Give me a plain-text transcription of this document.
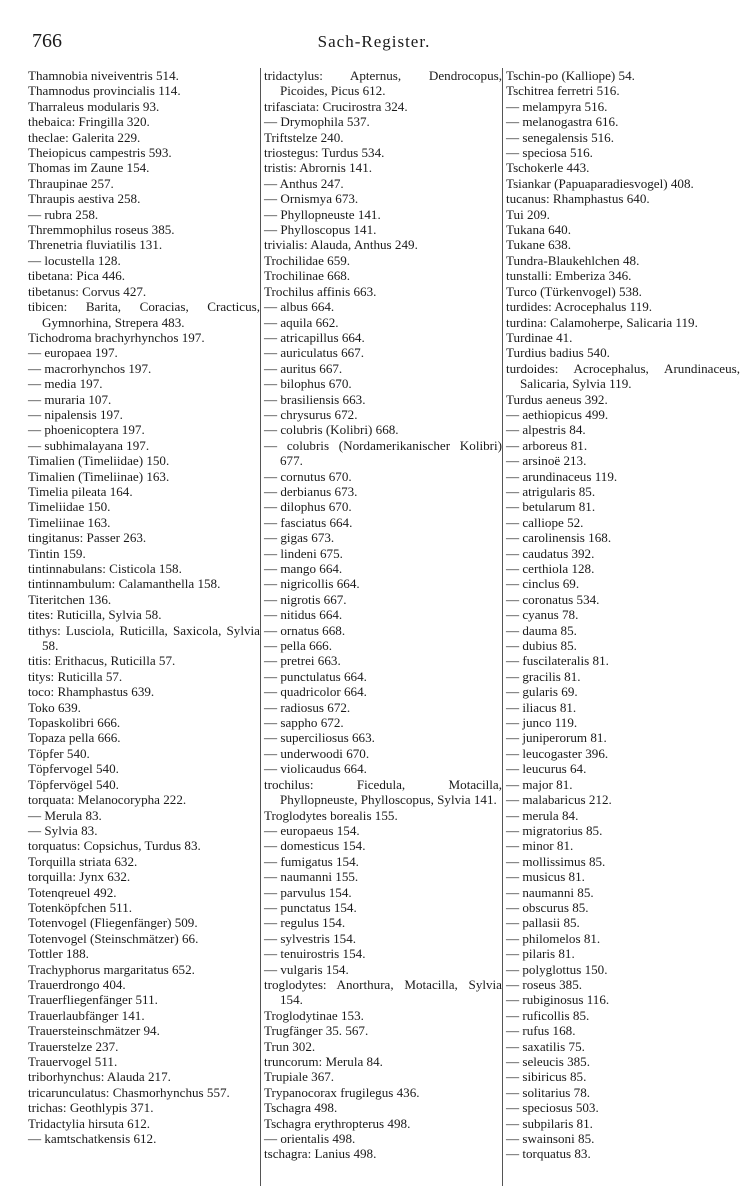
766	Sach-Register.
Thamnobia niveiventris 514.
Thamnodus provincialis 114.
Tharraleus modularis 93.
thebaica: Fringilla 320.
theclae: Galerita 229.
Theiopicus campestris 593.
Thomas im Zaune 154.
Thraupinae 257.
Thraupis aestiva 258.
— rubra 258.
Thremmophilus roseus 385.
Threnetria fluviatilis 131.
— locustella 128.
tibetana: Pica 446.
tibetanus: Corvus 427.
tibicen: Barita, Coracias, Cracticus, Gymnorhina, Strepera 483.
Tichodroma brachyrhynchos 197.
— europaea 197.
— macrorhynchos 197.
— media 197.
— muraria 107.
— nipalensis 197.
— phoenicoptera 197.
— subhimalayana 197.
Timalien (Timeliidae) 150.
Timalien (Timeliinae) 163.
Timelia pileata 164.
Timeliidae 150.
Timeliinae 163.
tingitanus: Passer 263.
Tintin 159.
tintinnabulans: Cisticola 158.
tintinnambulum: Calamanthella 158.
Titeritchen 136.
tites: Ruticilla, Sylvia 58.
tithys: Lusciola, Ruticilla, Saxicola, Sylvia 58.
titis: Erithacus, Ruticilla 57.
titys: Ruticilla 57.
toco: Rhamphastus 639.
Toko 639.
Topaskolibri 666.
Topaza pella 666.
Töpfer 540.
Töpfervogel 540.
Töpfervögel 540.
torquata: Melanocorypha 222.
— Merula 83.
— Sylvia 83.
torquatus: Copsichus, Turdus 83.
Torquilla striata 632.
torquilla: Jynx 632.
Totenqreuel 492.
Totenköpfchen 511.
Totenvogel (Fliegenfänger) 509.
Totenvogel (Steinschmätzer) 66.
Tottler 188.
Trachyphorus margaritatus 652.
Trauerdrongo 404.
Trauerfliegenfänger 511.
Trauerlaubfänger 141.
Trauersteinschmätzer 94.
Trauerstelze 237.
Trauervogel 511.
triborhynchus: Alauda 217.
tricarunculatus: Chasmorhynchus 557.
trichas: Geothlypis 371.
Tridactylia hirsuta 612.
— kamtschatkensis 612.
tridactylus: Apternus, Dendrocopus, Picoides, Picus 612.
trifasciata: Crucirostra 324.
— Drymophila 537.
Triftstelze 240.
triostegus: Turdus 534.
tristis: Abrornis 141.
— Anthus 247.
— Ornismya 673.
— Phyllopneuste 141.
— Phylloscopus 141.
trivialis: Alauda, Anthus 249.
Trochilidae 659.
Trochilinae 668.
Trochilus affinis 663.
— albus 664.
— aquila 662.
— atricapillus 664.
— auriculatus 667.
— auritus 667.
— bilophus 670.
— brasiliensis 663.
— chrysurus 672.
— colubris (Kolibri) 668.
— colubris (Nordamerikanischer Kolibri) 677.
— cornutus 670.
— derbianus 673.
— dilophus 670.
— fasciatus 664.
— gigas 673.
— lindeni 675.
— mango 664.
— nigricollis 664.
— nigrotis 667.
— nitidus 664.
— ornatus 668.
— pella 666.
— pretrei 663.
— punctulatus 664.
— quadricolor 664.
— radiosus 672.
— sappho 672.
— superciliosus 663.
— underwoodi 670.
— violicaudus 664.
trochilus: Ficedula, Motacilla, Phyllopneuste, Phylloscopus, Sylvia 141.
Troglodytes borealis 155.
— europaeus 154.
— domesticus 154.
— fumigatus 154.
— naumanni 155.
— parvulus 154.
— punctatus 154.
— regulus 154.
— sylvestris 154.
— tenuirostris 154.
— vulgaris 154.
troglodytes: Anorthura, Motacilla, Sylvia 154.
Troglodytinae 153.
Trugfänger 35. 567.
Trun 302.
truncorum: Merula 84.
Trupiale 367.
Trypanocorax frugilegus 436.
Tschagra 498.
Tschagra erythropterus 498.
— orientalis 498.
tschagra: Lanius 498.
Tschin-po (Kalliope) 54.
Tschitrea ferretri 516.
— melampyra 516.
— melanogastra 616.
— senegalensis 516.
— speciosa 516.
Tschokerle 443.
Tsiankar (Papuaparadiesvogel) 408.
tucanus: Rhamphastus 640.
Tui 209.
Tukana 640.
Tukane 638.
Tundra-Blaukehlchen 48.
tunstalli: Emberiza 346.
Turco (Türkenvogel) 538.
turdides: Acrocephalus 119.
turdina: Calamoherpe, Salicaria 119.
Turdinae 41.
Turdius badius 540.
turdoides: Acrocephalus, Arundinaceus, Salicaria, Sylvia 119.
Turdus aeneus 392.
— aethiopicus 499.
— alpestris 84.
— arboreus 81.
— arsinoë 213.
— arundinaceus 119.
— atrigularis 85.
— betularum 81.
— calliope 52.
— carolinensis 168.
— caudatus 392.
— certhiola 128.
— cinclus 69.
— coronatus 534.
— cyanus 78.
— dauma 85.
— dubius 85.
— fuscilateralis 81.
— gracilis 81.
— gularis 69.
— iliacus 81.
— junco 119.
— juniperorum 81.
— leucogaster 396.
— leucurus 64.
— major 81.
— malabaricus 212.
— merula 84.
— migratorius 85.
— minor 81.
— mollissimus 85.
— musicus 81.
— naumanni 85.
— obscurus 85.
— pallasii 85.
— philomelos 81.
— pilaris 81.
— polyglottus 150.
— roseus 385.
— rubiginosus 116.
— ruficollis 85.
— rufus 168.
— saxatilis 75.
— seleucis 385.
— sibiricus 85.
— solitarius 78.
— speciosus 503.
— subpilaris 81.
— swainsoni 85.
— torquatus 83.
